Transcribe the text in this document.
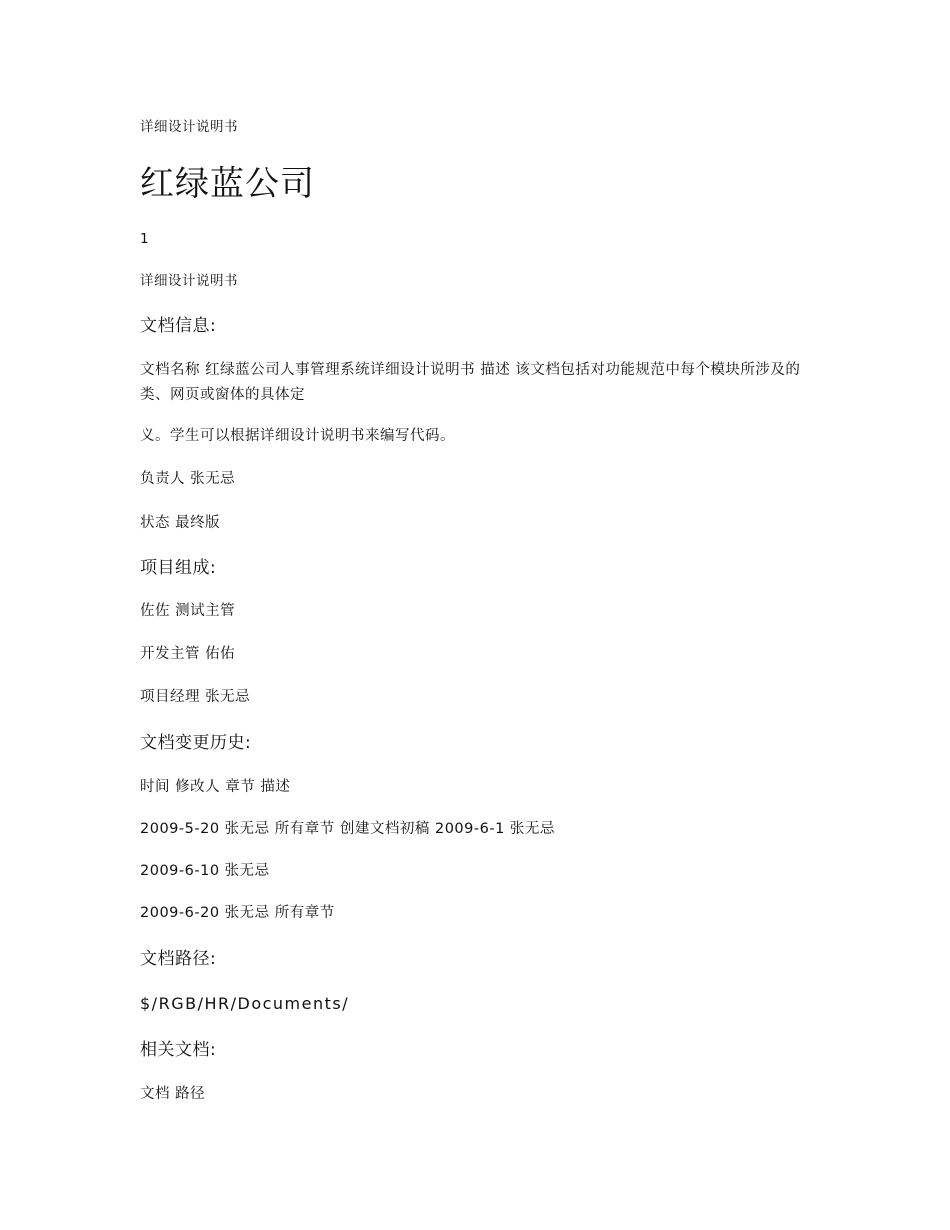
详细设计说明书

红绿蓝公司

1

详细设计说明书

文档信息:

文档名称 红绿蓝公司人事管理系统详细设计说明书 描述 该文档包括对功能规范中每个模块所涉及的类、网页或窗体的具体定

义。学生可以根据详细设计说明书来编写代码。

负责人 张无忌

状态 最终版

项目组成:

佐佐 测试主管

开发主管 佑佑

项目经理 张无忌

文档变更历史:

时间 修改人 章节 描述

2009-5-20 张无忌 所有章节 创建文档初稿 2009-6-1 张无忌

2009-6-10 张无忌

2009-6-20 张无忌 所有章节

文档路径:

$/RGB/HR/Documents/

相关文档:

文档 路径
